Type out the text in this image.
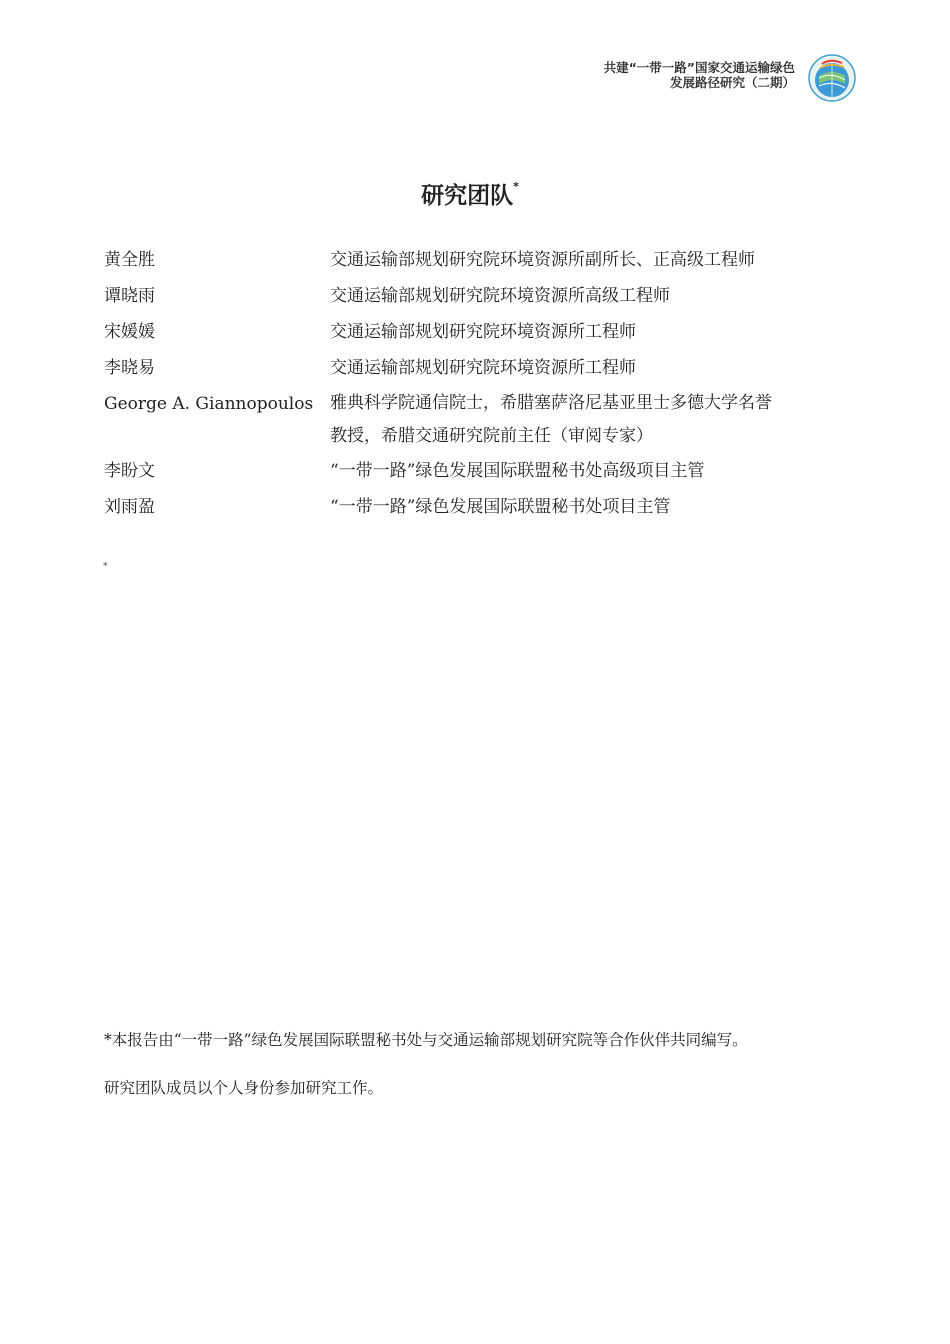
共建“一带一路”国家交通运输绿色
发展路径研究（二期）
研究团队*
黄全胜	交通运输部规划研究院环境资源所副所长、正高级工程师
谭晓雨	交通运输部规划研究院环境资源所高级工程师
宋媛媛	交通运输部规划研究院环境资源所工程师
李晓易	交通运输部规划研究院环境资源所工程师
George A. Giannopoulos 雅典科学院通信院士，希腊塞萨洛尼基亚里士多德大学名誉
教授，希腊交通研究院前主任（审阅专家）
李盼文	“一带一路”绿色发展国际联盟秘书处高级项目主管
刘雨盈	“一带一路”绿色发展国际联盟秘书处项目主管
*
*本报告由“一带一路”绿色发展国际联盟秘书处与交通运输部规划研究院等合作伙伴共同编写。
研究团队成员以个人身份参加研究工作。
